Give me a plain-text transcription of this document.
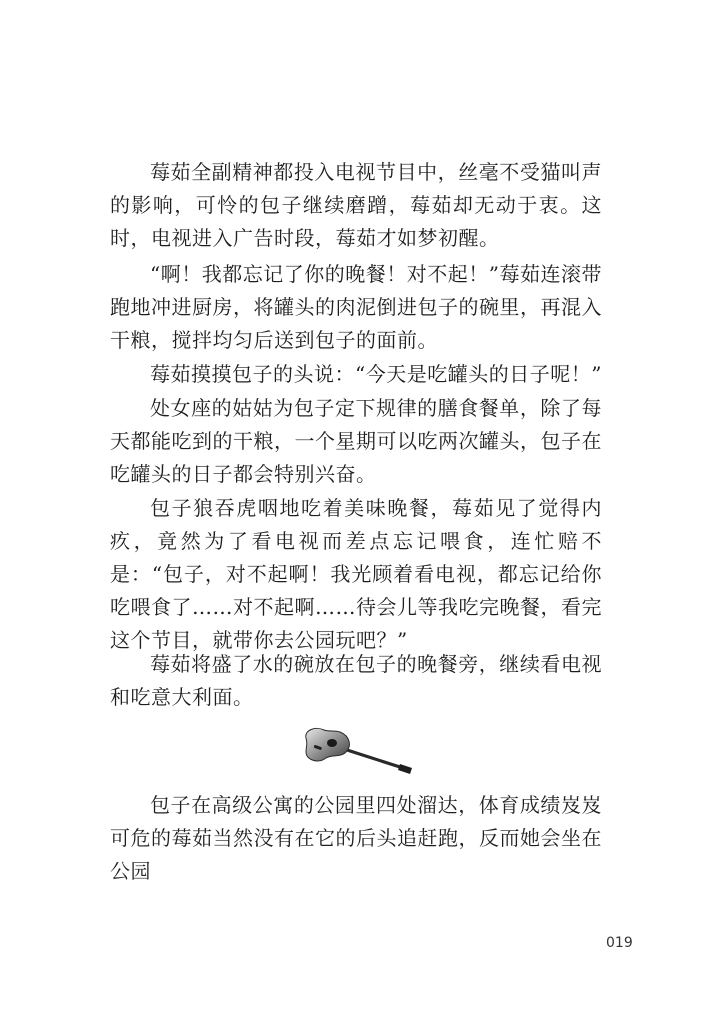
莓茹全副精神都投入电视节目中，丝毫不受猫叫声的影响，可怜的包子继续磨蹭，莓茹却无动于衷。这时，电视进入广告时段，莓茹才如梦初醒。

“啊！我都忘记了你的晚餐！对不起！”莓茹连滚带跑地冲进厨房，将罐头的肉泥倒进包子的碗里，再混入干粮，搅拌均匀后送到包子的面前。

莓茹摸摸包子的头说：“今天是吃罐头的日子呢！”

处女座的姑姑为包子定下规律的膳食餐单，除了每天都能吃到的干粮，一个星期可以吃两次罐头，包子在吃罐头的日子都会特别兴奋。

包子狼吞虎咽地吃着美味晚餐，莓茹见了觉得内疚，竟然为了看电视而差点忘记喂食，连忙赔不是：“包子，对不起啊！我光顾着看电视，都忘记给你吃喂食了……对不起啊……待会儿等我吃完晚餐，看完这个节目，就带你去公园玩吧？”

莓茹将盛了水的碗放在包子的晚餐旁，继续看电视和吃意大利面。

包子在高级公寓的公园里四处溜达，体育成绩岌岌可危的莓茹当然没有在它的后头追赶跑，反而她会坐在公园

019
